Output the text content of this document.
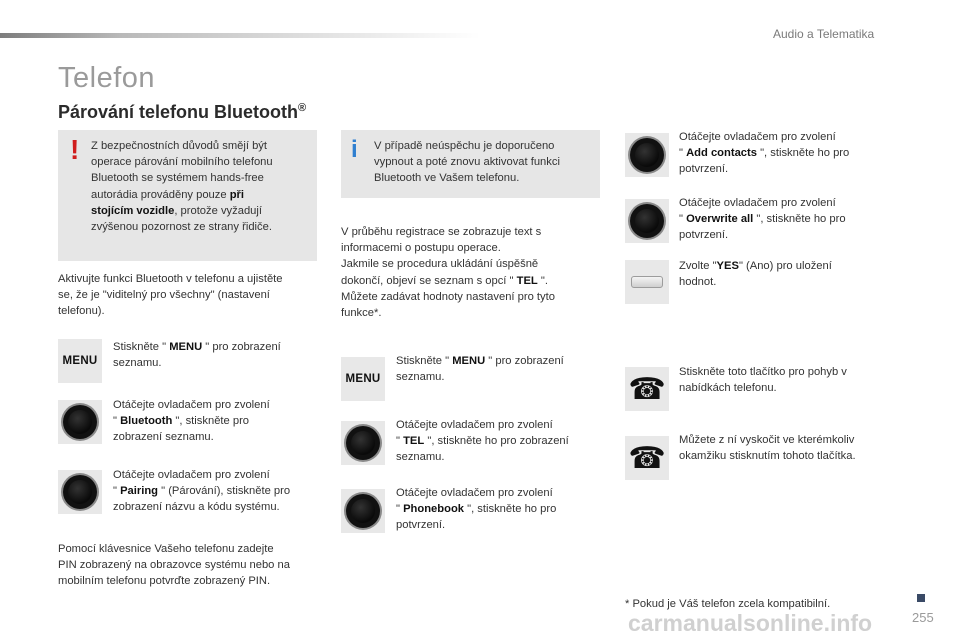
Audio a Telematika
Telefon
Párování telefonu Bluetooth®
! Z bezpečnostních důvodů smějí být
operace párování mobilního telefonu
Bluetooth se systémem hands-free
autorádia prováděny pouze při
stojícím vozidle, protože vyžadují
zvýšenou pozornost ze strany řidiče.
Aktivujte funkci Bluetooth v telefonu a ujistěte
se, že je "viditelný pro všechny" (nastavení
telefonu).
MENU
Stiskněte " MENU " pro zobrazení
seznamu.
Otáčejte ovladačem pro zvolení
" Bluetooth ", stiskněte pro
zobrazení seznamu.
Otáčejte ovladačem pro zvolení
" Pairing " (Párování), stiskněte pro
zobrazení názvu a kódu systému.
Pomocí klávesnice Vašeho telefonu zadejte
PIN zobrazený na obrazovce systému nebo na
mobilním telefonu potvrďte zobrazený PIN.
i V případě neúspěchu je doporučeno
vypnout a poté znovu aktivovat funkci
Bluetooth ve Vašem telefonu.
V průběhu registrace se zobrazuje text s
informacemi o postupu operace.
Jakmile se procedura ukládání úspěšně
dokončí, objeví se seznam s opcí " TEL ".
Můžete zadávat hodnoty nastavení pro tyto
funkce*.
MENU
Stiskněte " MENU " pro zobrazení
seznamu.
Otáčejte ovladačem pro zvolení
" TEL ", stiskněte ho pro zobrazení
seznamu.
Otáčejte ovladačem pro zvolení
" Phonebook ", stiskněte ho pro
potvrzení.
Otáčejte ovladačem pro zvolení
" Add contacts ", stiskněte ho pro
potvrzení.
Otáčejte ovladačem pro zvolení
" Overwrite all ", stiskněte ho pro
potvrzení.
Zvolte "YES" (Ano) pro uložení
hodnot.
☎
Stiskněte toto tlačítko pro pohyb v
nabídkách telefonu.
☎
Můžete z ní vyskočit ve kterémkoliv
okamžiku stisknutím tohoto tlačítka.
* Pokud je Váš telefon zcela kompatibilní.
carmanualsonline.info	255
